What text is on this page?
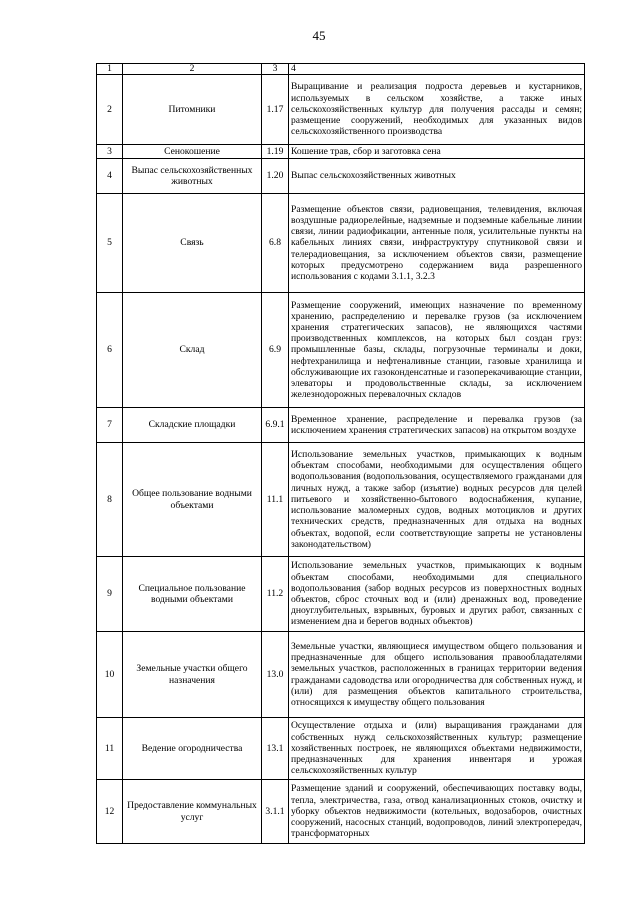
45
1	2	3	4
2	Питомники	1.17	Выращивание и реализация подроста деревьев и кустарников, используемых в сельском хозяйстве, а также иных сельскохозяйственных культур для получения рассады и семян; размещение сооружений, необходимых для указанных видов сельскохозяйственного производства
3	Сенокошение	1.19	Кошение трав, сбор и заготовка сена
4	Выпас сельскохозяйственных животных	1.20	Выпас сельскохозяйственных животных
5	Связь	6.8	Размещение объектов связи, радиовещания, телевидения, включая воздушные радиорелейные, надземные и подземные кабельные линии связи, линии радиофикации, антенные поля, усилительные пункты на кабельных линиях связи, инфраструктуру спутниковой связи и телерадиовещания, за исключением объектов связи, размещение которых предусмотрено содержанием вида разрешенного использования с кодами 3.1.1, 3.2.3
6	Склад	6.9	Размещение сооружений, имеющих назначение по временному хранению, распределению и перевалке грузов (за исключением хранения стратегических запасов), не являющихся частями производственных комплексов, на которых был создан груз: промышленные базы, склады, погрузочные терминалы и доки, нефтехранилища и нефтеналивные станции, газовые хранилища и обслуживающие их газоконденсатные и газоперекачивающие станции, элеваторы и продовольственные склады, за исключением железнодорожных перевалочных складов
7	Складские площадки	6.9.1	Временное хранение, распределение и перевалка грузов (за исключением хранения стратегических запасов) на открытом воздухе
8	Общее пользование водными объектами	11.1	Использование земельных участков, примыкающих к водным объектам способами, необходимыми для осуществления общего водопользования (водопользования, осуществляемого гражданами для личных нужд, а также забор (изъятие) водных ресурсов для целей питьевого и хозяйственно-бытового водоснабжения, купание, использование маломерных судов, водных мотоциклов и других технических средств, предназначенных для отдыха на водных объектах, водопой, если соответствующие запреты не установлены законодательством)
9	Специальное пользование водными объектами	11.2	Использование земельных участков, примыкающих к водным объектам способами, необходимыми для специального водопользования (забор водных ресурсов из поверхностных водных объектов, сброс сточных вод и (или) дренажных вод, проведение дноуглубительных, взрывных, буровых и других работ, связанных с изменением дна и берегов водных объектов)
10	Земельные участки общего назначения	13.0	Земельные участки, являющиеся имуществом общего пользования и предназначенные для общего использования правообладателями земельных участков, расположенных в границах территории ведения гражданами садоводства или огородничества для собственных нужд, и (или) для размещения объектов капитального строительства, относящихся к имуществу общего пользования
11	Ведение огородничества	13.1	Осуществление отдыха и (или) выращивания гражданами для собственных нужд сельскохозяйственных культур; размещение хозяйственных построек, не являющихся объектами недвижимости, предназначенных для хранения инвентаря и урожая сельскохозяйственных культур
12	Предоставление коммунальных услуг	3.1.1	Размещение зданий и сооружений, обеспечивающих поставку воды, тепла, электричества, газа, отвод канализационных стоков, очистку и уборку объектов недвижимости (котельных, водозаборов, очистных сооружений, насосных станций, водопроводов, линий электропередач, трансформаторных
